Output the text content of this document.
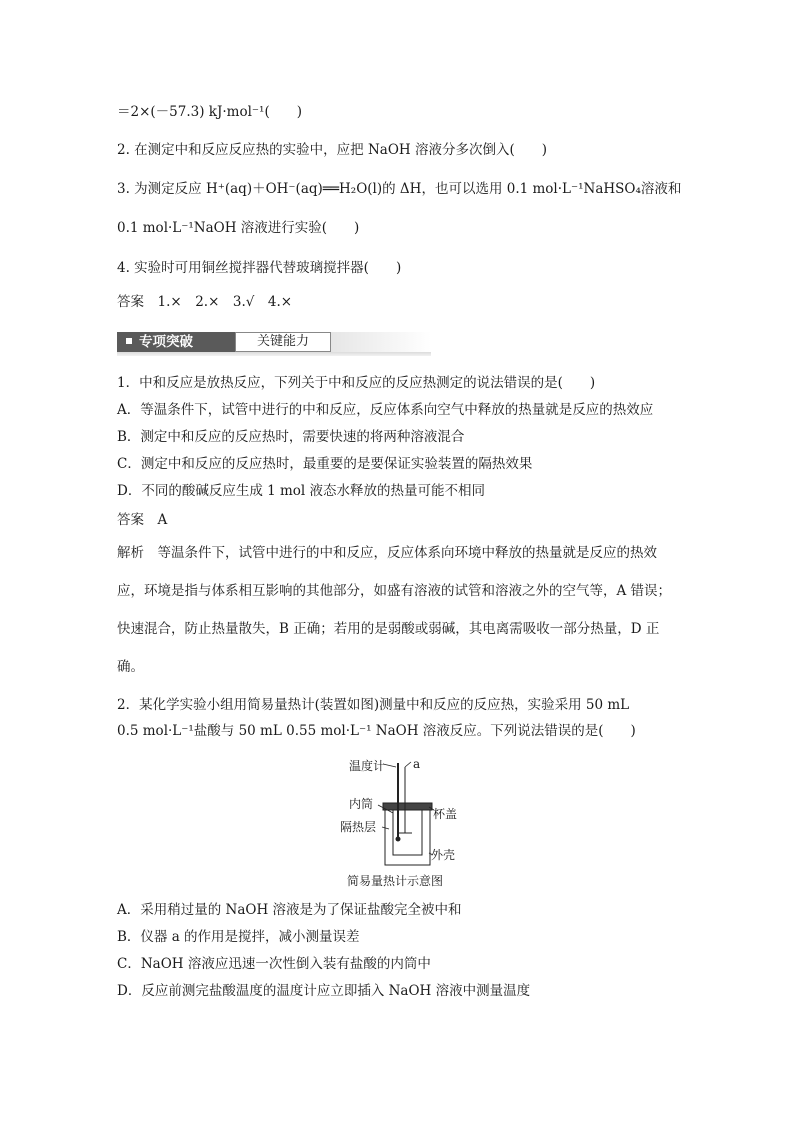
＝2×(－57.3) kJ·mol⁻¹(　　)
2. 在测定中和反应反应热的实验中，应把 NaOH 溶液分多次倒入(　　)
3. 为测定反应 H⁺(aq)＋OH⁻(aq)══H₂O(l)的 ΔH，也可以选用 0.1 mol·L⁻¹NaHSO₄溶液和
0.1 mol·L⁻¹NaOH 溶液进行实验(　　)
4. 实验时可用铜丝搅拌器代替玻璃搅拌器(　　)
答案　1.×　2.×　3.√　4.×
专项突破	关键能力
1．中和反应是放热反应，下列关于中和反应的反应热测定的说法错误的是(　　)
A．等温条件下，试管中进行的中和反应，反应体系向空气中释放的热量就是反应的热效应
B．测定中和反应的反应热时，需要快速的将两种溶液混合
C．测定中和反应的反应热时，最重要的是要保证实验装置的隔热效果
D．不同的酸碱反应生成 1 mol 液态水释放的热量可能不相同
答案　A
解析　等温条件下，试管中进行的中和反应，反应体系向环境中释放的热量就是反应的热效
应，环境是指与体系相互影响的其他部分，如盛有溶液的试管和溶液之外的空气等，A 错误；
快速混合，防止热量散失，B 正确；若用的是弱酸或弱碱，其电离需吸收一部分热量，D 正
确。
2．某化学实验小组用简易量热计(装置如图)测量中和反应的反应热，实验采用 50 mL
0.5 mol·L⁻¹盐酸与 50 mL 0.55 mol·L⁻¹ NaOH 溶液反应。下列说法错误的是(　　)
温度计 a
内筒
杯盖
隔热层
外壳
简易量热计示意图
A．采用稍过量的 NaOH 溶液是为了保证盐酸完全被中和
B．仪器 a 的作用是搅拌，减小测量误差
C．NaOH 溶液应迅速一次性倒入装有盐酸的内筒中
D．反应前测完盐酸温度的温度计应立即插入 NaOH 溶液中测量温度
